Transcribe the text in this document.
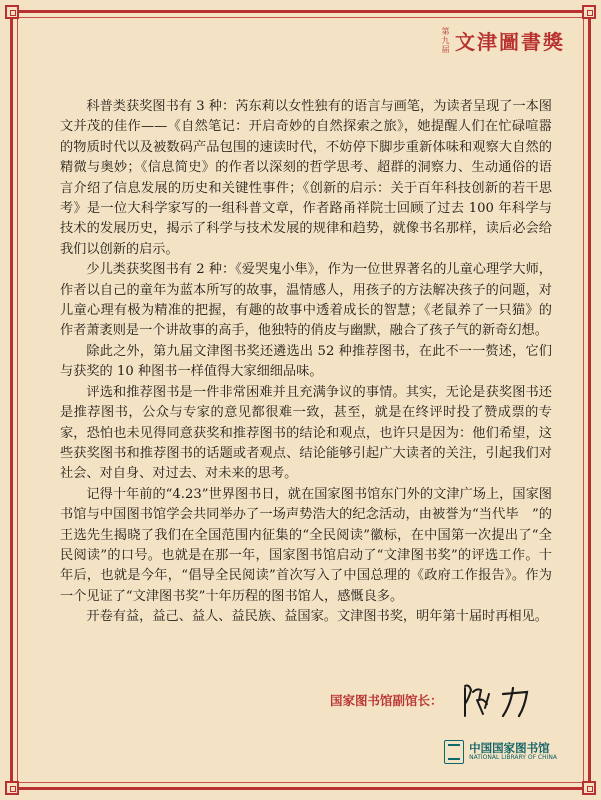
第九届 文津圖書獎

科普类获奖图书有 3 种：芮东莉以女性独有的语言与画笔，为读者呈现了一本图文并茂的佳作——《自然笔记：开启奇妙的自然探索之旅》，她提醒人们在忙碌喧嚣的物质时代以及被数码产品包围的速读时代，不妨停下脚步重新体味和观察大自然的精微与奥妙；《信息简史》的作者以深刻的哲学思考、超群的洞察力、生动通俗的语言介绍了信息发展的历史和关键性事件；《创新的启示：关于百年科技创新的若干思考》是一位大科学家写的一组科普文章，作者路甬祥院士回顾了过去 100 年科学与技术的发展历史，揭示了科学与技术发展的规律和趋势，就像书名那样，读后必会给我们以创新的启示。

少儿类获奖图书有 2 种：《爱哭鬼小隼》，作为一位世界著名的儿童心理学大师，作者以自己的童年为蓝本所写的故事，温情感人，用孩子的方法解决孩子的问题，对儿童心理有极为精准的把握，有趣的故事中透着成长的智慧；《老鼠养了一只猫》的作者萧袤则是一个讲故事的高手，他独特的俏皮与幽默，融合了孩子气的新奇幻想。

除此之外，第九届文津图书奖还遴选出 52 种推荐图书，在此不一一赘述，它们与获奖的 10 种图书一样值得大家细细品味。

评选和推荐图书是一件非常困难并且充满争议的事情。其实，无论是获奖图书还是推荐图书，公众与专家的意见都很难一致，甚至，就是在终评时投了赞成票的专家，恐怕也未见得同意获奖和推荐图书的结论和观点，也许只是因为：他们希望，这些获奖图书和推荐图书的话题或者观点、结论能够引起广大读者的关注，引起我们对社会、对自身、对过去、对未来的思考。

记得十年前的“4.23”世界图书日，就在国家图书馆东门外的文津广场上，国家图书馆与中国图书馆学会共同举办了一场声势浩大的纪念活动，由被誉为“当代毕　”的王选先生揭晓了我们在全国范围内征集的“全民阅读”徽标，在中国第一次提出了“全民阅读”的口号。也就是在那一年，国家图书馆启动了“文津图书奖”的评选工作。十年后，也就是今年，“倡导全民阅读”首次写入了中国总理的《政府工作报告》。作为一个见证了“文津图书奖”十年历程的图书馆人，感慨良多。

开卷有益，益己、益人、益民族、益国家。文津图书奖，明年第十届时再相见。

国家图书馆副馆长：
中国国家图书馆
NATIONAL LIBRARY OF CHINA
